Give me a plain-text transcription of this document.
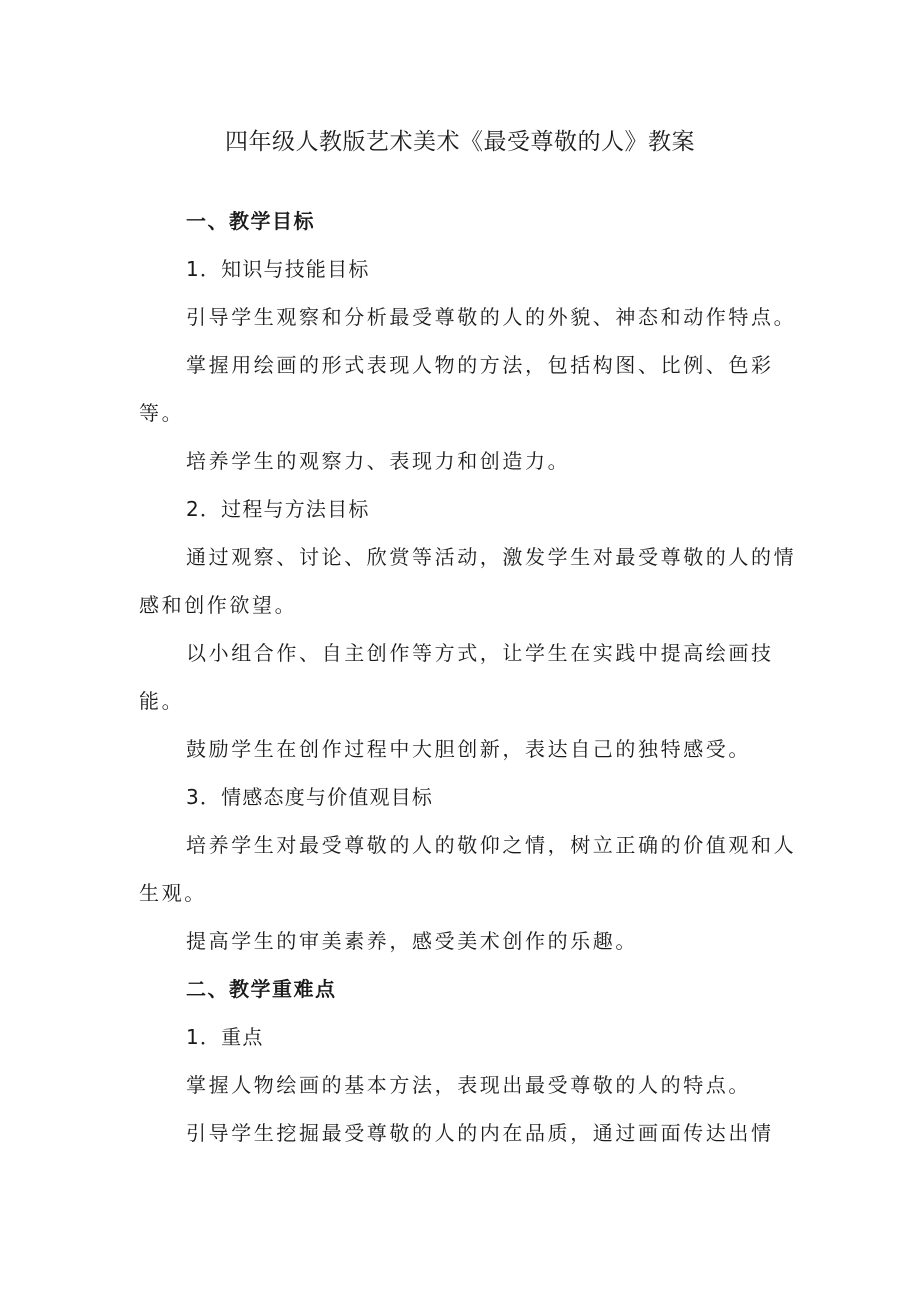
四年级人教版艺术美术《最受尊敬的人》教案

一、教学目标

1．知识与技能目标

引导学生观察和分析最受尊敬的人的外貌、神态和动作特点。

掌握用绘画的形式表现人物的方法，包括构图、比例、色彩等。

培养学生的观察力、表现力和创造力。

2．过程与方法目标

通过观察、讨论、欣赏等活动，激发学生对最受尊敬的人的情感和创作欲望。

以小组合作、自主创作等方式，让学生在实践中提高绘画技能。

鼓励学生在创作过程中大胆创新，表达自己的独特感受。

3．情感态度与价值观目标

培养学生对最受尊敬的人的敬仰之情，树立正确的价值观和人生观。

提高学生的审美素养，感受美术创作的乐趣。

二、教学重难点

1．重点

掌握人物绘画的基本方法，表现出最受尊敬的人的特点。

引导学生挖掘最受尊敬的人的内在品质，通过画面传达出情
